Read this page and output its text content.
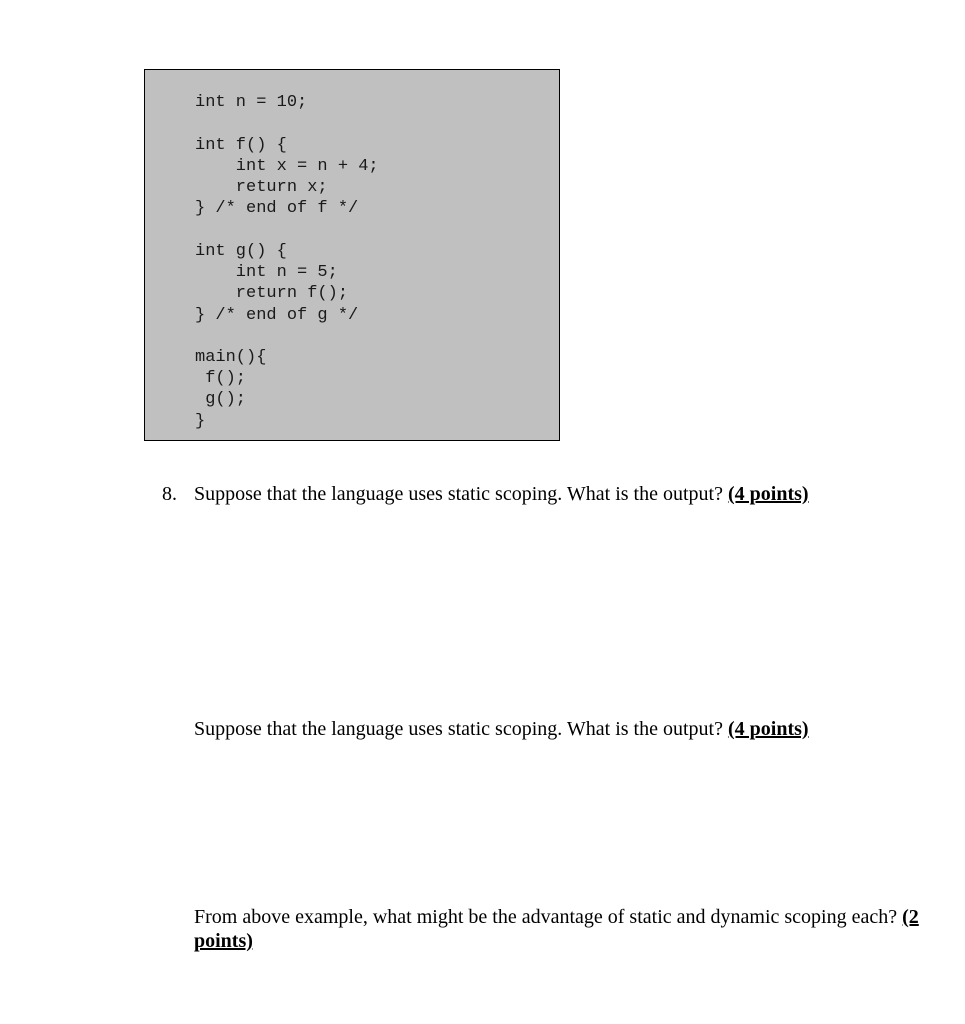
int n = 10;
int f() {
int x = n + 4;
return x;
} /* end of f */
int g() {
int n = 5;
return f();
} /* end of g */
main(){
f();
g();
}
8. Suppose that the language uses static scoping. What is the output? (4 points)
Suppose that the language uses static scoping. What is the output? (4 points)
From above example, what might be the advantage of static and dynamic scoping each? (2 points)
